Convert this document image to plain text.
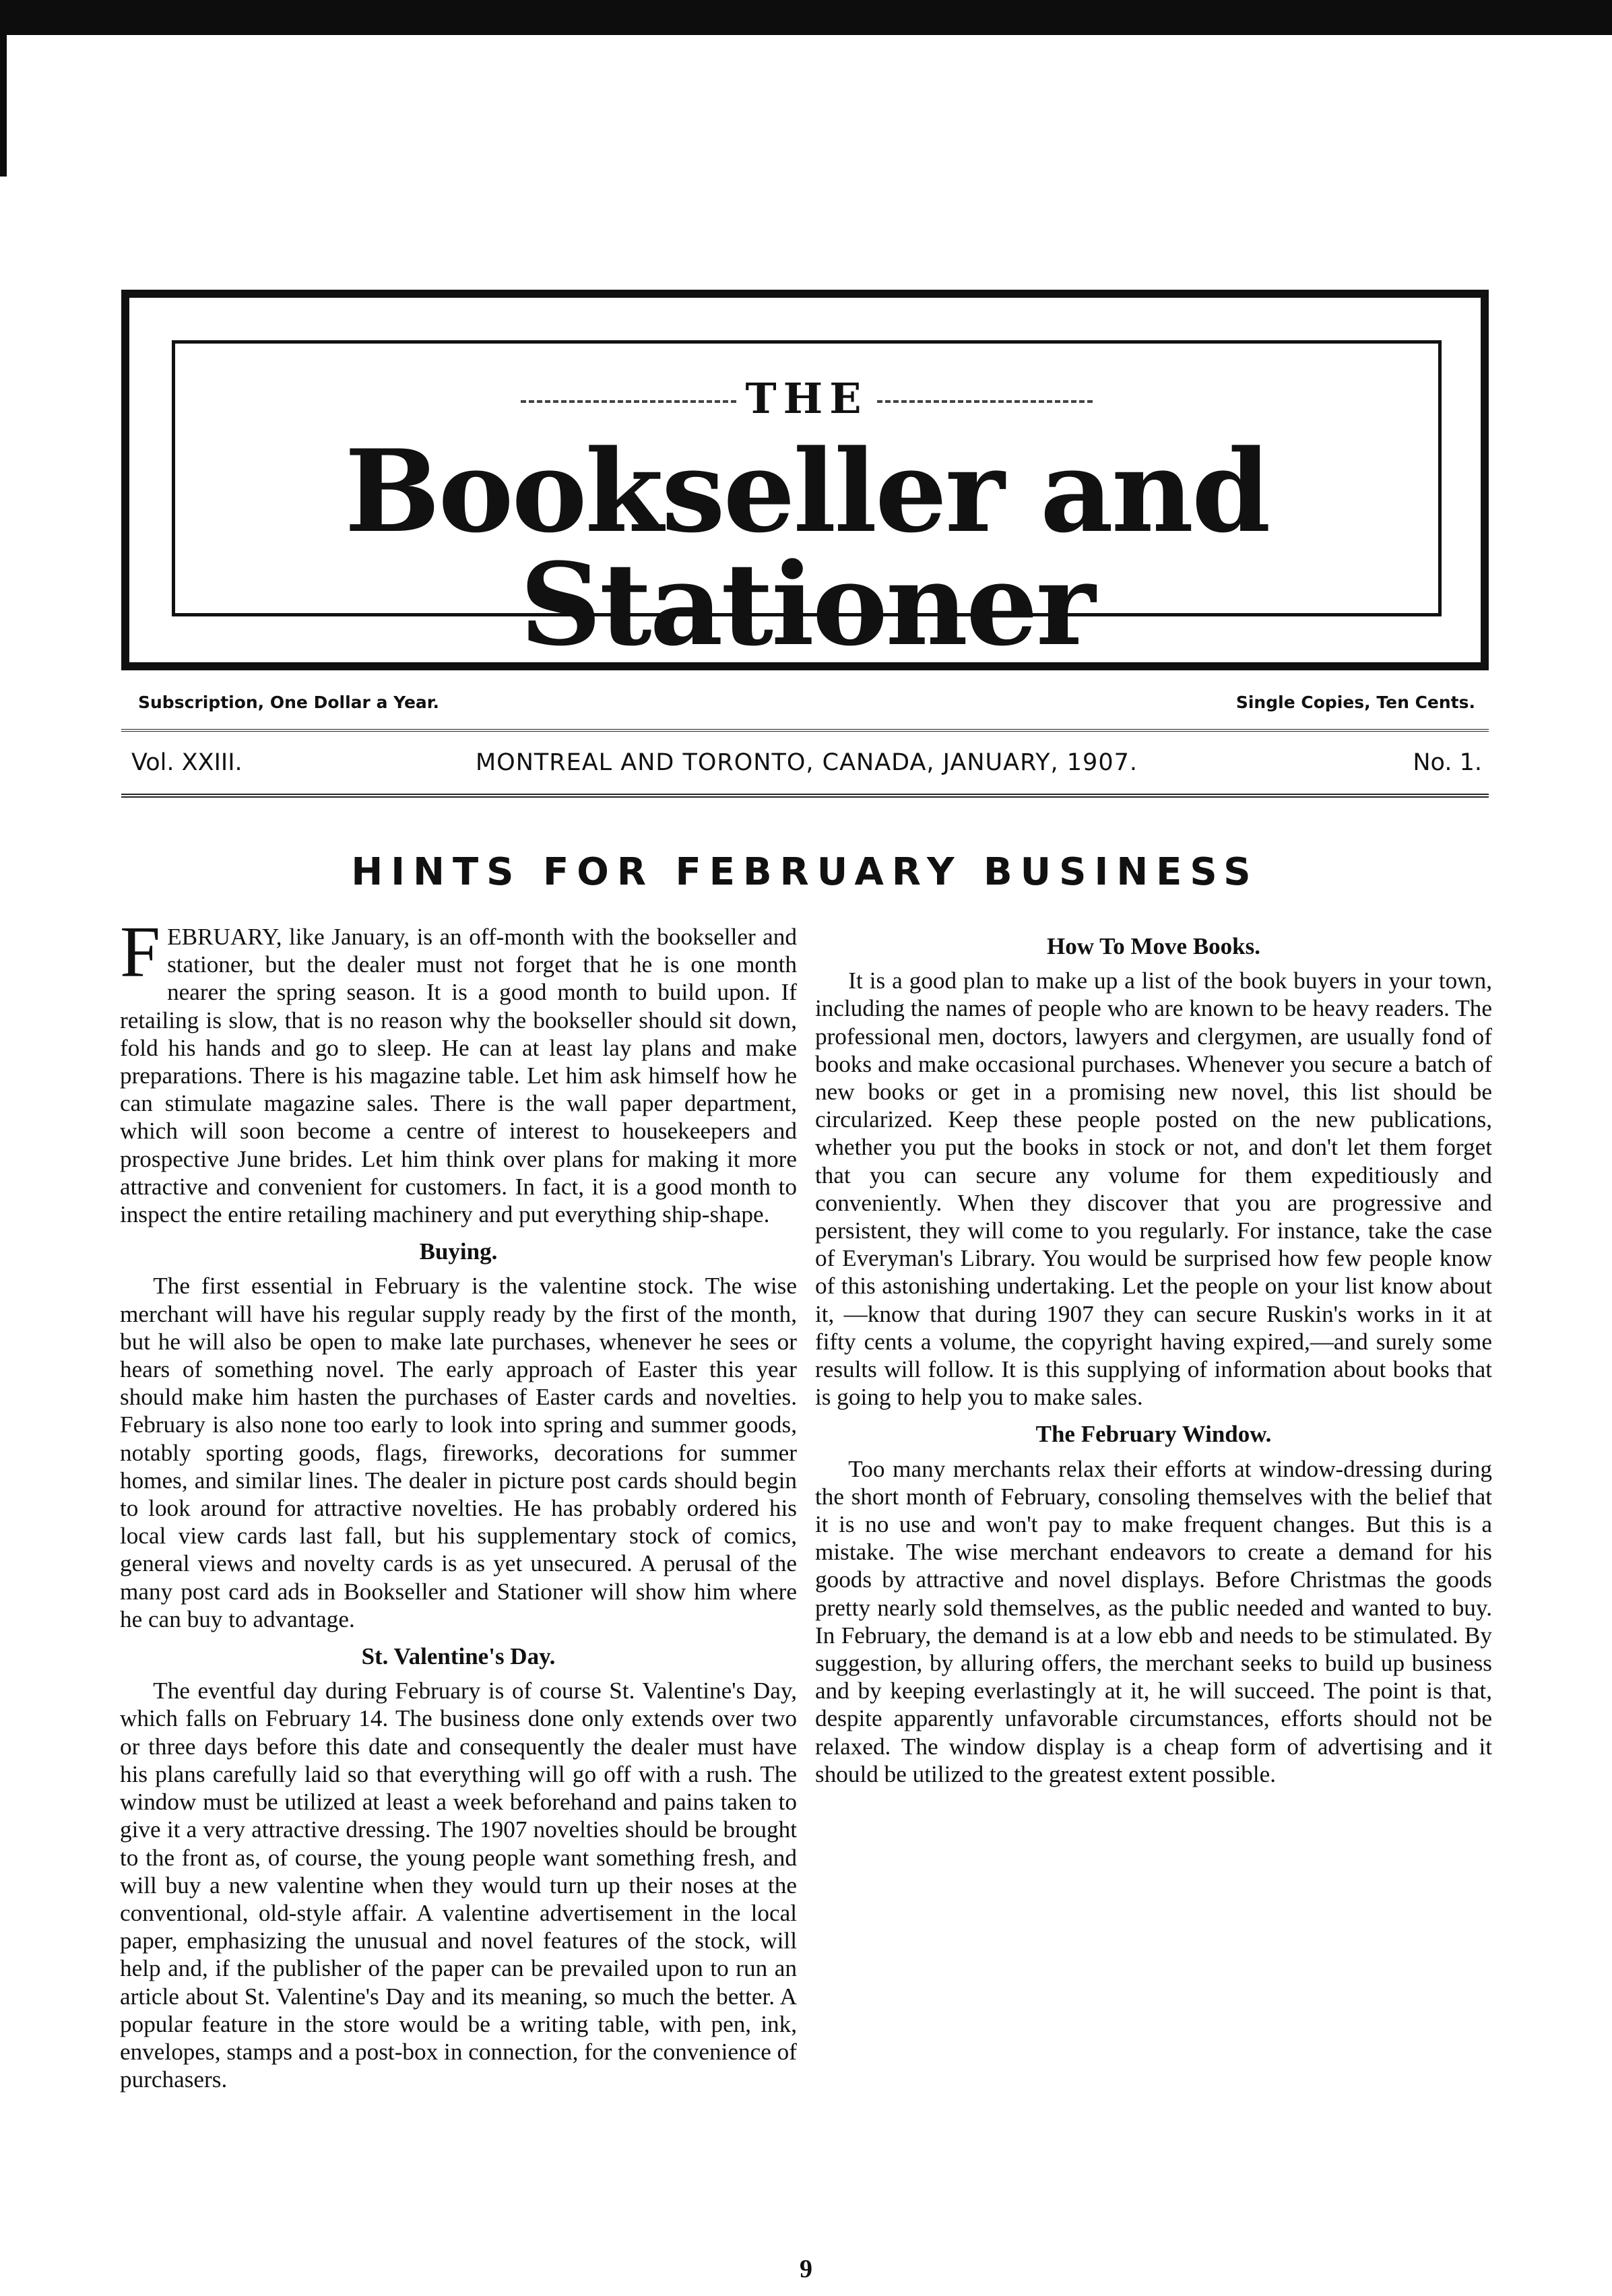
THE
Bookseller and Stationer
Subscription, One Dollar a Year.	Single Copies, Ten Cents.
Vol. XXIII.	MONTREAL AND TORONTO, CANADA, JANUARY, 1907.	No. 1.
HINTS FOR FEBRUARY BUSINESS

FEBRUARY, like January, is an off-month with the bookseller and stationer, but the dealer must not forget that he is one month nearer the spring season. It is a good month to build upon. If retailing is slow, that is no reason why the bookseller should sit down, fold his hands and go to sleep. He can at least lay plans and make preparations. There is his magazine table. Let him ask himself how he can stimulate magazine sales. There is the wall paper department, which will soon become a centre of interest to housekeepers and prospective June brides. Let him think over plans for making it more attractive and convenient for customers. In fact, it is a good month to inspect the entire retailing machinery and put everything ship-shape.

Buying.

The first essential in February is the valentine stock. The wise merchant will have his regular supply ready by the first of the month, but he will also be open to make late purchases, whenever he sees or hears of something novel. The early approach of Easter this year should make him hasten the purchases of Easter cards and novelties. February is also none too early to look into spring and summer goods, notably sporting goods, flags, fireworks, decorations for summer homes, and similar lines. The dealer in picture post cards should begin to look around for attractive novelties. He has probably ordered his local view cards last fall, but his supplementary stock of comics, general views and novelty cards is as yet unsecured. A perusal of the many post card ads in Bookseller and Stationer will show him where he can buy to advantage.

St. Valentine's Day.

The eventful day during February is of course St. Valentine's Day, which falls on February 14. The business done only extends over two or three days before this date and consequently the dealer must have his plans carefully laid so that everything will go off with a rush. The window must be utilized at least a week beforehand and pains taken to give it a very attractive dressing. The 1907 novelties should be brought to the front as, of course, the young people want something fresh, and will buy a new valentine when they would turn up their noses at the conventional, old-style affair. A valentine advertisement in the local paper, emphasizing the unusual and novel features of the stock, will help and, if the publisher of the paper can be prevailed upon to run an article about St. Valentine's Day and its meaning, so much the better. A popular feature in the store would be a writing table, with pen, ink, envelopes, stamps and a post-box in connection, for the convenience of purchasers.

How To Move Books.

It is a good plan to make up a list of the book buyers in your town, including the names of people who are known to be heavy readers. The professional men, doctors, lawyers and clergymen, are usually fond of books and make occasional purchases. Whenever you secure a batch of new books or get in a promising new novel, this list should be circularized. Keep these people posted on the new publications, whether you put the books in stock or not, and don't let them forget that you can secure any volume for them expeditiously and conveniently. When they discover that you are progressive and persistent, they will come to you regularly. For instance, take the case of Everyman's Library. You would be surprised how few people know of this astonishing undertaking. Let the people on your list know about it, —know that during 1907 they can secure Ruskin's works in it at fifty cents a volume, the copyright having expired,—and surely some results will follow. It is this supplying of information about books that is going to help you to make sales.

The February Window.

Too many merchants relax their efforts at window-dressing during the short month of February, consoling themselves with the belief that it is no use and won't pay to make frequent changes. But this is a mistake. The wise merchant endeavors to create a demand for his goods by attractive and novel displays. Before Christmas the goods pretty nearly sold themselves, as the public needed and wanted to buy. In February, the demand is at a low ebb and needs to be stimulated. By suggestion, by alluring offers, the merchant seeks to build up business and by keeping everlastingly at it, he will succeed. The point is that, despite apparently unfavorable circumstances, efforts should not be relaxed. The window display is a cheap form of advertising and it should be utilized to the greatest extent possible.

9
